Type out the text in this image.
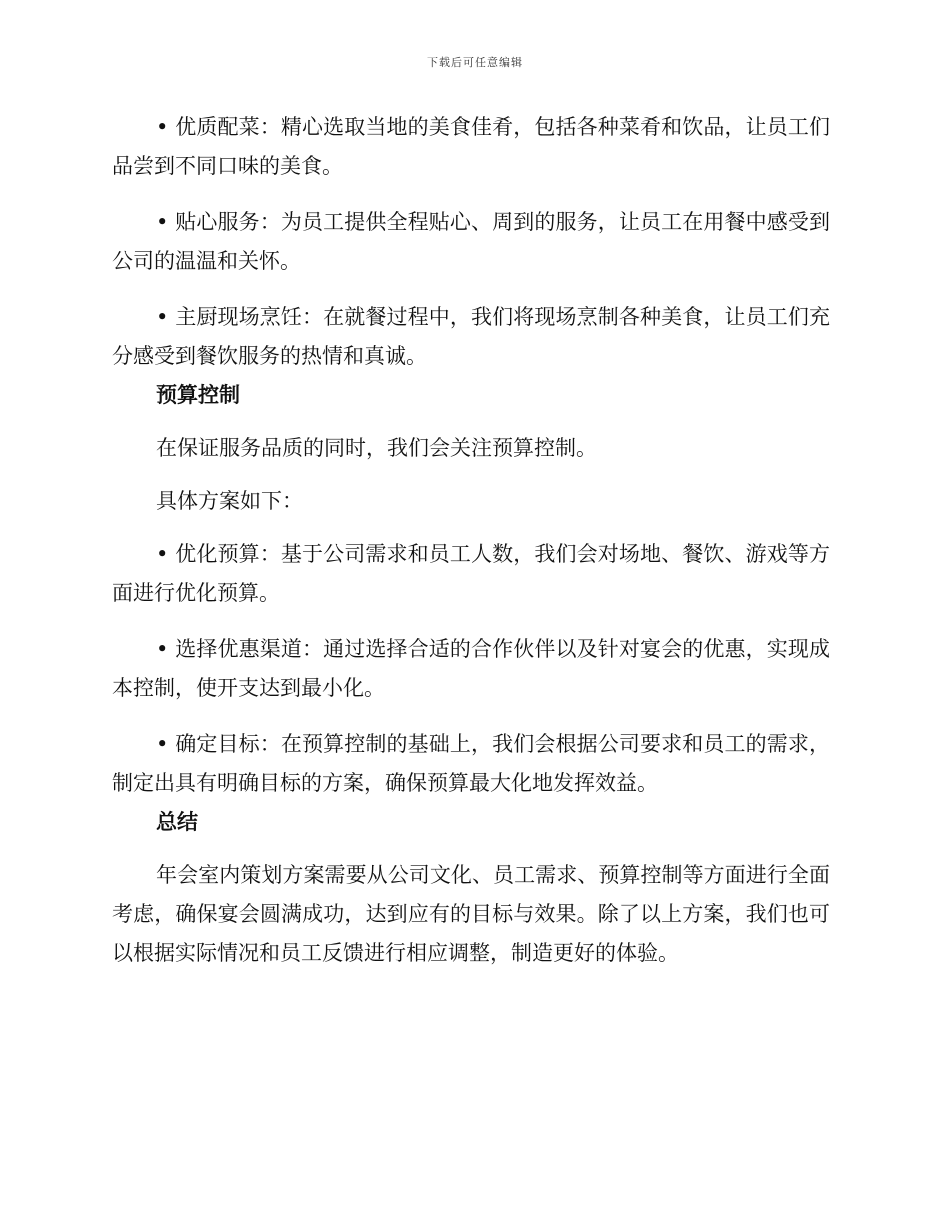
下载后可任意编辑

• 优质配菜：精心选取当地的美食佳肴，包括各种菜肴和饮品，让员工们品尝到不同口味的美食。

• 贴心服务：为员工提供全程贴心、周到的服务，让员工在用餐中感受到公司的温温和关怀。

• 主厨现场烹饪：在就餐过程中，我们将现场烹制各种美食，让员工们充分感受到餐饮服务的热情和真诚。

预算控制

在保证服务品质的同时，我们会关注预算控制。

具体方案如下：

• 优化预算：基于公司需求和员工人数，我们会对场地、餐饮、游戏等方面进行优化预算。

• 选择优惠渠道：通过选择合适的合作伙伴以及针对宴会的优惠，实现成本控制，使开支达到最小化。

• 确定目标：在预算控制的基础上，我们会根据公司要求和员工的需求，制定出具有明确目标的方案，确保预算最大化地发挥效益。

总结

年会室内策划方案需要从公司文化、员工需求、预算控制等方面进行全面考虑，确保宴会圆满成功，达到应有的目标与效果。除了以上方案，我们也可以根据实际情况和员工反馈进行相应调整，制造更好的体验。
